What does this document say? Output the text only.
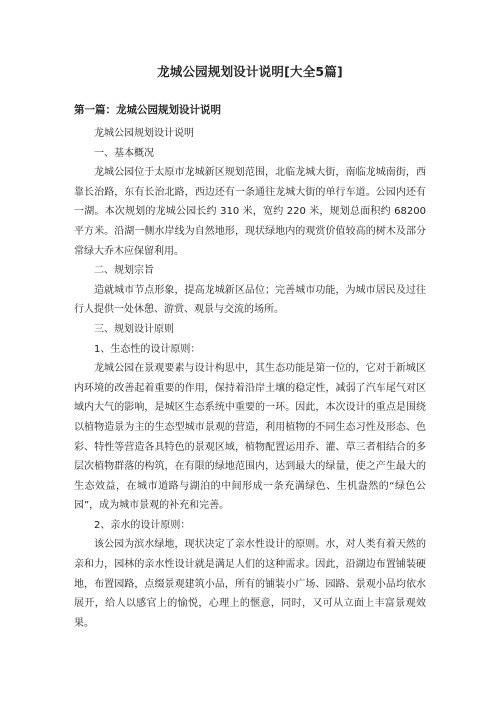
龙城公园规划设计说明[大全5篇]
第一篇：龙城公园规划设计说明

龙城公园规划设计说明

一、基本概况

龙城公园位于太原市龙城新区规划范围，北临龙城大街，南临龙城南街，西靠长治路，东有长治北路，西边还有一条通往龙城大街的单行车道。公园内还有一湖。本次规划的龙城公园长约 310 米，宽约 220 米，规划总面积约 68200 平方米。沿湖一侧水岸线为自然地形，现状绿地内的观赏价值较高的树木及部分常绿大乔木应保留利用。

二、规划宗旨

造就城市节点形象，提高龙城新区品位；完善城市功能，为城市居民及过往行人提供一处休憩、游赏、观景与交流的场所。

三、规划设计原则

1、生态性的设计原则：

龙城公园在景观要素与设计构思中，其生态功能是第一位的，它对于新城区内环境的改善起着重要的作用，保持着沿岸土壤的稳定性，减弱了汽车尾气对区域内大气的影响，是城区生态系统中重要的一环。因此，本次设计的重点是围绕以植物造景为主的生态型城市景观的营造，利用植物的不同生态习性及形态、色彩、特性等营造各具特色的景观区域，植物配置运用乔、灌、草三者相结合的多层次植物群落的构筑，在有限的绿地范围内，达到最大的绿量，使之产生最大的生态效益，在城市道路与湖泊的中间形成一条充满绿色、生机盎然的“绿色公园”，成为城市景观的补充和完善。

2、亲水的设计原则：

该公园为滨水绿地，现状决定了亲水性设计的原则。水，对人类有着天然的亲和力，园林的亲水性设计就是满足人们的这种需求。因此，沿湖边布置铺装硬地，布置园路，点缀景观建筑小品，所有的铺装小广场、园路、景观小品均依水展开，给人以感官上的愉悦，心理上的惬意，同时，又可从立面上丰富景观效果。
